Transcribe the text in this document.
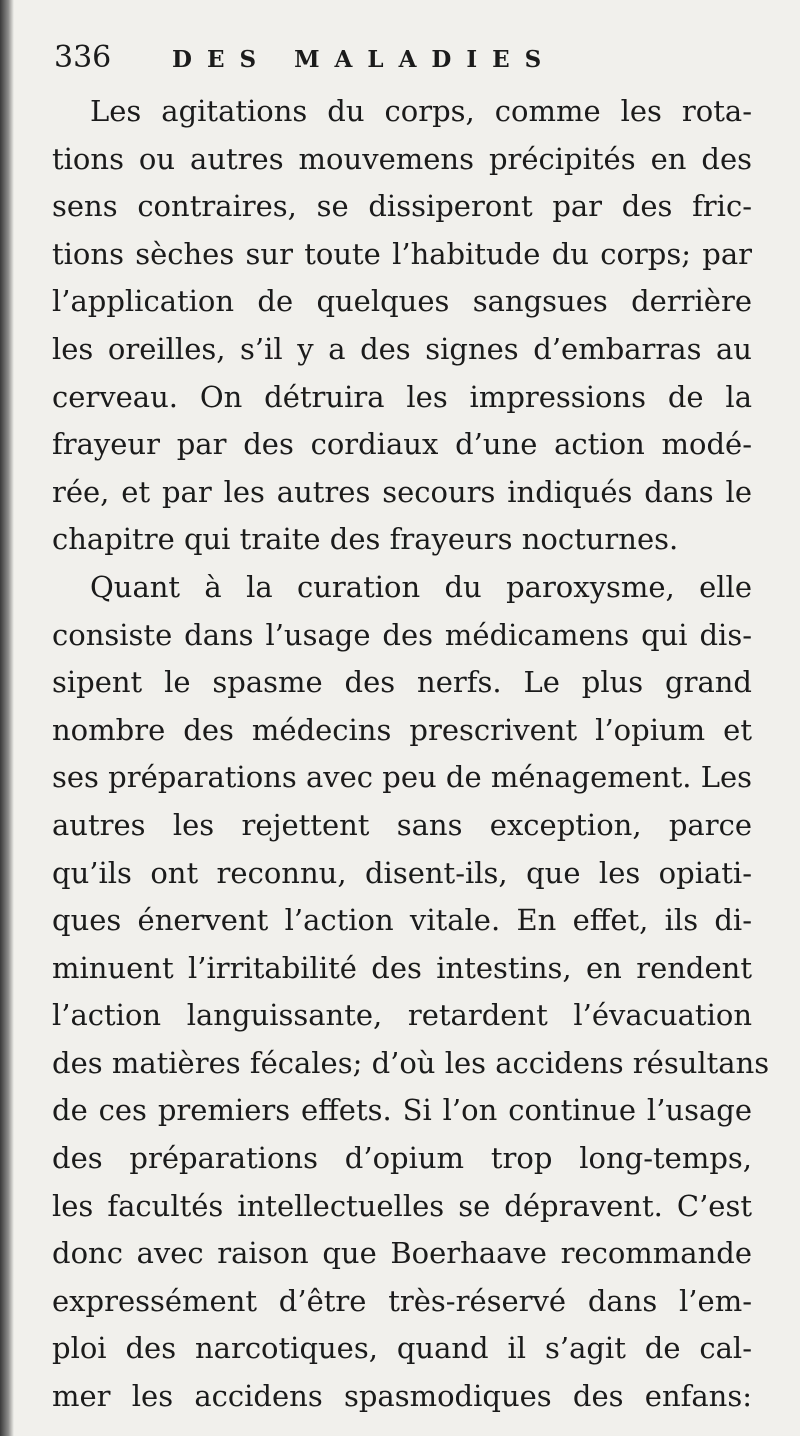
336	DES MALADIES
Les agitations du corps, comme les rota-
tions ou autres mouvemens précipités en des
sens contraires, se dissiperont par des fric-
tions sèches sur toute l’habitude du corps; par
l’application de quelques sangsues derrière
les oreilles, s’il y a des signes d’embarras au
cerveau. On détruira les impressions de la
frayeur par des cordiaux d’une action modé-
rée, et par les autres secours indiqués dans le
chapitre qui traite des frayeurs nocturnes.
Quant à la curation du paroxysme, elle
consiste dans l’usage des médicamens qui dis-
sipent le spasme des nerfs. Le plus grand
nombre des médecins prescrivent l’opium et
ses préparations avec peu de ménagement. Les
autres les rejettent sans exception, parce
qu’ils ont reconnu, disent-ils, que les opiati-
ques énervent l’action vitale. En effet, ils di-
minuent l’irritabilité des intestins, en rendent
l’action languissante, retardent l’évacuation
des matières fécales; d’où les accidens résultans
de ces premiers effets. Si l’on continue l’usage
des préparations d’opium trop long-temps,
les facultés intellectuelles se dépravent. C’est
donc avec raison que Boerhaave recommande
expressément d’être très-réservé dans l’em-
ploi des narcotiques, quand il s’agit de cal-
mer les accidens spasmodiques des enfans:
